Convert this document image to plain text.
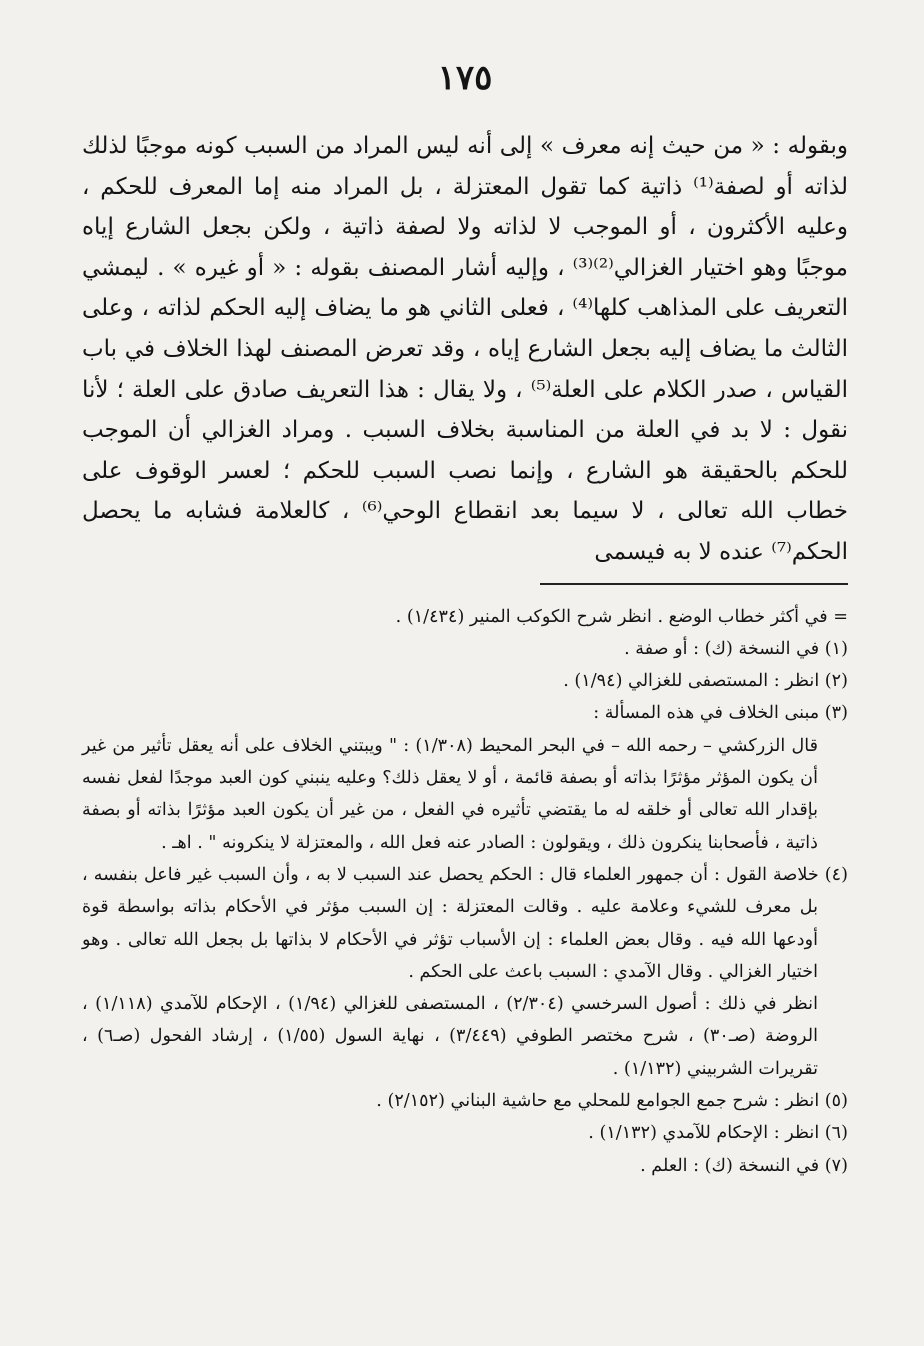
١٧٥

وبقوله : « من حيث إنه معرف » إلى أنه ليس المراد من السبب كونه موجبًا لذلك لذاته أو لصفة⁽¹⁾ ذاتية كما تقول المعتزلة ، بل المراد منه إما المعرف للحكم ، وعليه الأكثرون ، أو الموجب لا لذاته ولا لصفة ذاتية ، ولكن بجعل الشارع إياه موجبًا وهو اختيار الغزالي⁽²⁾⁽³⁾ ، وإليه أشار المصنف بقوله : « أو غيره » . ليمشي التعريف على المذاهب كلها⁽⁴⁾ ، فعلى الثاني هو ما يضاف إليه الحكم لذاته ، وعلى الثالث ما يضاف إليه بجعل الشارع إياه ، وقد تعرض المصنف لهذا الخلاف في باب القياس ، صدر الكلام على العلة⁽⁵⁾ ، ولا يقال : هذا التعريف صادق على العلة ؛ لأنا نقول : لا بد في العلة من المناسبة بخلاف السبب . ومراد الغزالي أن الموجب للحكم بالحقيقة هو الشارع ، وإنما نصب السبب للحكم ؛ لعسر الوقوف على خطاب الله تعالى ، لا سيما بعد انقطاع الوحي⁽⁶⁾ ، كالعلامة فشابه ما يحصل الحكم⁽⁷⁾ عنده لا به فيسمى

= في أكثر خطاب الوضع . انظر شرح الكوكب المنير (١/٤٣٤) .

(١) في النسخة (ك) : أو صفة .

(٢) انظر : المستصفى للغزالي (١/٩٤) .

(٣) مبنى الخلاف في هذه المسألة :

قال الزركشي – رحمه الله – في البحر المحيط (١/٣٠٨) : " ويبتني الخلاف على أنه يعقل تأثير من غير أن يكون المؤثر مؤثرًا بذاته أو بصفة قائمة ، أو لا يعقل ذلك؟ وعليه ينبني كون العبد موجدًا لفعل نفسه بإقدار الله تعالى أو خلقه له ما يقتضي تأثيره في الفعل ، من غير أن يكون العبد مؤثرًا بذاته أو بصفة ذاتية ، فأصحابنا ينكرون ذلك ، ويقولون : الصادر عنه فعل الله ، والمعتزلة لا ينكرونه " . اهـ .

(٤) خلاصة القول : أن جمهور العلماء قال : الحكم يحصل عند السبب لا به ، وأن السبب غير فاعل بنفسه ، بل معرف للشيء وعلامة عليه . وقالت المعتزلة : إن السبب مؤثر في الأحكام بذاته بواسطة قوة أودعها الله فيه . وقال بعض العلماء : إن الأسباب تؤثر في الأحكام لا بذاتها بل بجعل الله تعالى . وهو اختيار الغزالي . وقال الآمدي : السبب باعث على الحكم .

انظر في ذلك : أصول السرخسي (٢/٣٠٤) ، المستصفى للغزالي (١/٩٤) ، الإحكام للآمدي (١/١١٨) ، الروضة (صـ٣٠) ، شرح مختصر الطوفي (٣/٤٤٩) ، نهاية السول (١/٥٥) ، إرشاد الفحول (صـ٦) ، تقريرات الشربيني (١/١٣٢) .

(٥) انظر : شرح جمع الجوامع للمحلي مع حاشية البناني (٢/١٥٢) .

(٦) انظر : الإحكام للآمدي (١/١٣٢) .

(٧) في النسخة (ك) : العلم .
